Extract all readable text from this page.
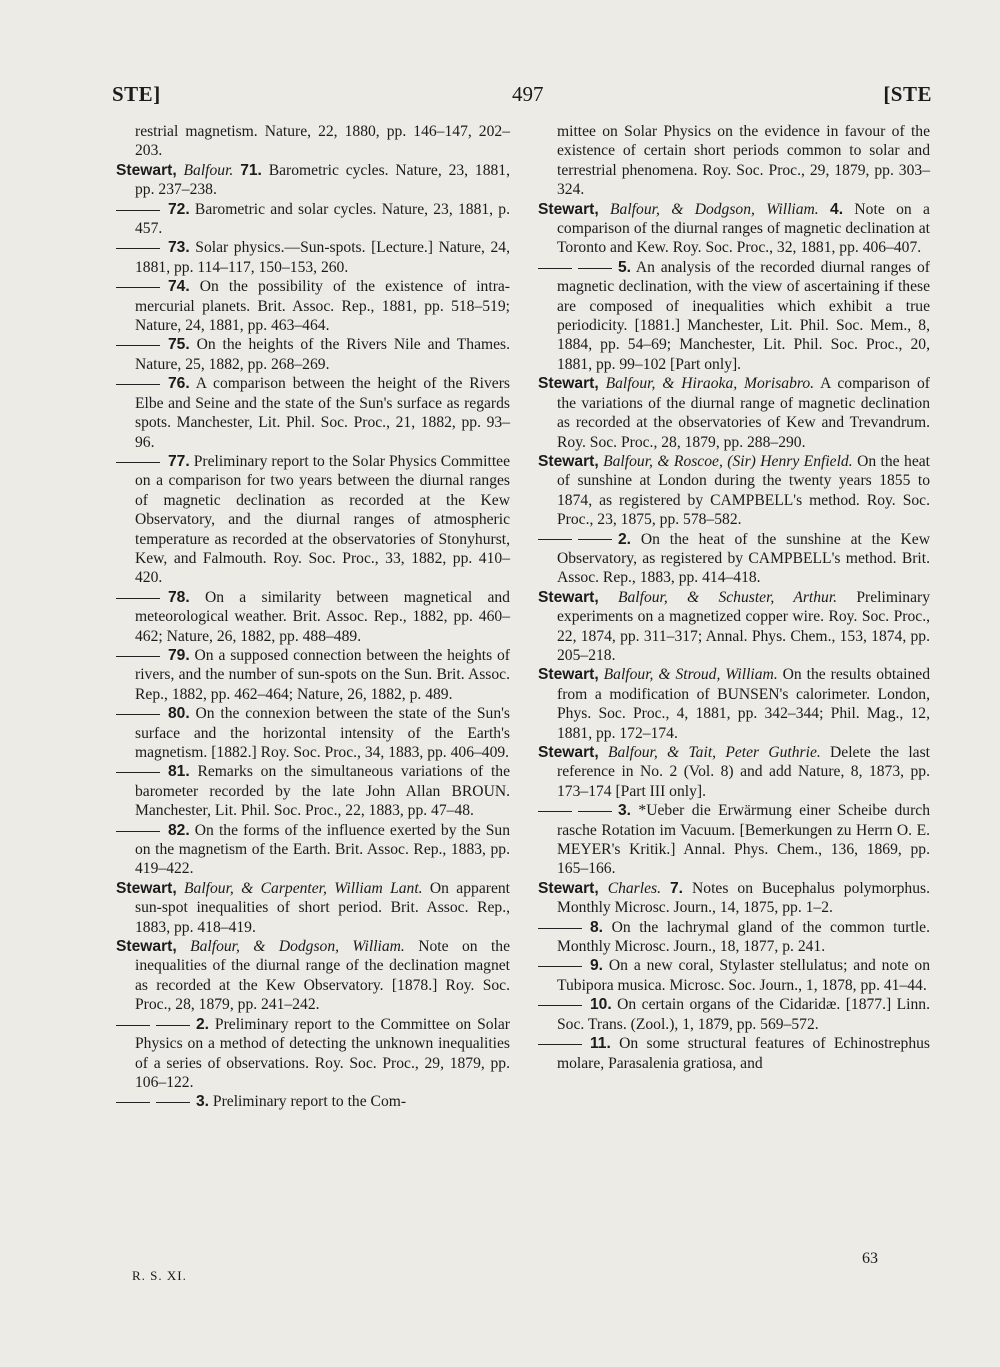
STE]	497	[STE

restrial magnetism. Nature, 22, 1880, pp. 146–147, 202–203.

Stewart, Balfour. 71. Barometric cycles. Nature, 23, 1881, pp. 237–238.

72. Barometric and solar cycles. Nature, 23, 1881, p. 457.

73. Solar physics.—Sun-spots. [Lecture.] Nature, 24, 1881, pp. 114–117, 150–153, 260.

74. On the possibility of the existence of intra-mercurial planets. Brit. Assoc. Rep., 1881, pp. 518–519; Nature, 24, 1881, pp. 463–464.

75. On the heights of the Rivers Nile and Thames. Nature, 25, 1882, pp. 268–269.

76. A comparison between the height of the Rivers Elbe and Seine and the state of the Sun's surface as regards spots. Manchester, Lit. Phil. Soc. Proc., 21, 1882, pp. 93–96.

77. Preliminary report to the Solar Physics Committee on a comparison for two years between the diurnal ranges of magnetic declination as recorded at the Kew Observatory, and the diurnal ranges of atmospheric temperature as recorded at the observatories of Stonyhurst, Kew, and Falmouth. Roy. Soc. Proc., 33, 1882, pp. 410–420.

78. On a similarity between magnetical and meteorological weather. Brit. Assoc. Rep., 1882, pp. 460–462; Nature, 26, 1882, pp. 488–489.

79. On a supposed connection between the heights of rivers, and the number of sun-spots on the Sun. Brit. Assoc. Rep., 1882, pp. 462–464; Nature, 26, 1882, p. 489.

80. On the connexion between the state of the Sun's surface and the horizontal intensity of the Earth's magnetism. [1882.] Roy. Soc. Proc., 34, 1883, pp. 406–409.

81. Remarks on the simultaneous variations of the barometer recorded by the late John Allan BROUN. Manchester, Lit. Phil. Soc. Proc., 22, 1883, pp. 47–48.

82. On the forms of the influence exerted by the Sun on the magnetism of the Earth. Brit. Assoc. Rep., 1883, pp. 419–422.

Stewart, Balfour, & Carpenter, William Lant. On apparent sun-spot inequalities of short period. Brit. Assoc. Rep., 1883, pp. 418–419.

Stewart, Balfour, & Dodgson, William. Note on the inequalities of the diurnal range of the declination magnet as recorded at the Kew Observatory. [1878.] Roy. Soc. Proc., 28, 1879, pp. 241–242.

2. Preliminary report to the Committee on Solar Physics on a method of detecting the unknown inequalities of a series of observations. Roy. Soc. Proc., 29, 1879, pp. 106–122.

3. Preliminary report to the Com-

mittee on Solar Physics on the evidence in favour of the existence of certain short periods common to solar and terrestrial phenomena. Roy. Soc. Proc., 29, 1879, pp. 303–324.

Stewart, Balfour, & Dodgson, William. 4. Note on a comparison of the diurnal ranges of magnetic declination at Toronto and Kew. Roy. Soc. Proc., 32, 1881, pp. 406–407.

5. An analysis of the recorded diurnal ranges of magnetic declination, with the view of ascertaining if these are composed of inequalities which exhibit a true periodicity. [1881.] Manchester, Lit. Phil. Soc. Mem., 8, 1884, pp. 54–69; Manchester, Lit. Phil. Soc. Proc., 20, 1881, pp. 99–102 [Part only].

Stewart, Balfour, & Hiraoka, Morisabro. A comparison of the variations of the diurnal range of magnetic declination as recorded at the observatories of Kew and Trevandrum. Roy. Soc. Proc., 28, 1879, pp. 288–290.

Stewart, Balfour, & Roscoe, (Sir) Henry Enfield. On the heat of sunshine at London during the twenty years 1855 to 1874, as registered by CAMPBELL's method. Roy. Soc. Proc., 23, 1875, pp. 578–582.

2. On the heat of the sunshine at the Kew Observatory, as registered by CAMPBELL's method. Brit. Assoc. Rep., 1883, pp. 414–418.

Stewart, Balfour, & Schuster, Arthur. Preliminary experiments on a magnetized copper wire. Roy. Soc. Proc., 22, 1874, pp. 311–317; Annal. Phys. Chem., 153, 1874, pp. 205–218.

Stewart, Balfour, & Stroud, William. On the results obtained from a modification of BUNSEN's calorimeter. London, Phys. Soc. Proc., 4, 1881, pp. 342–344; Phil. Mag., 12, 1881, pp. 172–174.

Stewart, Balfour, & Tait, Peter Guthrie. Delete the last reference in No. 2 (Vol. 8) and add Nature, 8, 1873, pp. 173–174 [Part III only].

3. *Ueber die Erwärmung einer Scheibe durch rasche Rotation im Vacuum. [Bemerkungen zu Herrn O. E. MEYER's Kritik.] Annal. Phys. Chem., 136, 1869, pp. 165–166.

Stewart, Charles. 7. Notes on Bucephalus polymorphus. Monthly Microsc. Journ., 14, 1875, pp. 1–2.

8. On the lachrymal gland of the common turtle. Monthly Microsc. Journ., 18, 1877, p. 241.

9. On a new coral, Stylaster stellulatus; and note on Tubipora musica. Microsc. Soc. Journ., 1, 1878, pp. 41–44.

10. On certain organs of the Cidaridæ. [1877.] Linn. Soc. Trans. (Zool.), 1, 1879, pp. 569–572.

11. On some structural features of Echinostrephus molare, Parasalenia gratiosa, and

R. S. XI.
63
